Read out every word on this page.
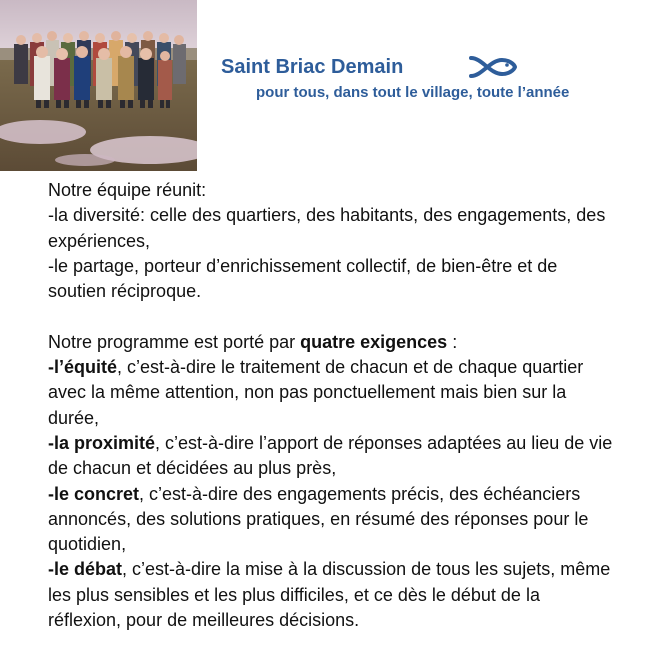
Saint Briac Demain
pour tous, dans tout le village, toute l’année

Notre équipe réunit:

-la diversité: celle des quartiers, des habitants, des engagements, des expériences,

-le partage, porteur d’enrichissement collectif, de bien-être et de soutien réciproque.

Notre programme est porté par quatre exigences :

-l’équité, c’est-à-dire le traitement de chacun et de chaque quartier avec la même attention, non pas ponctuellement mais bien sur la durée,

-la proximité, c’est-à-dire l’apport de réponses adaptées au lieu de vie de chacun et décidées au plus près,

-le concret, c’est-à-dire des engagements précis, des échéanciers annoncés, des solutions pratiques, en résumé des réponses pour le quotidien,

-le débat, c’est-à-dire la mise à la discussion de tous les sujets, même les plus sensibles et les plus difficiles, et ce dès le début de la réflexion, pour de meilleures décisions.
